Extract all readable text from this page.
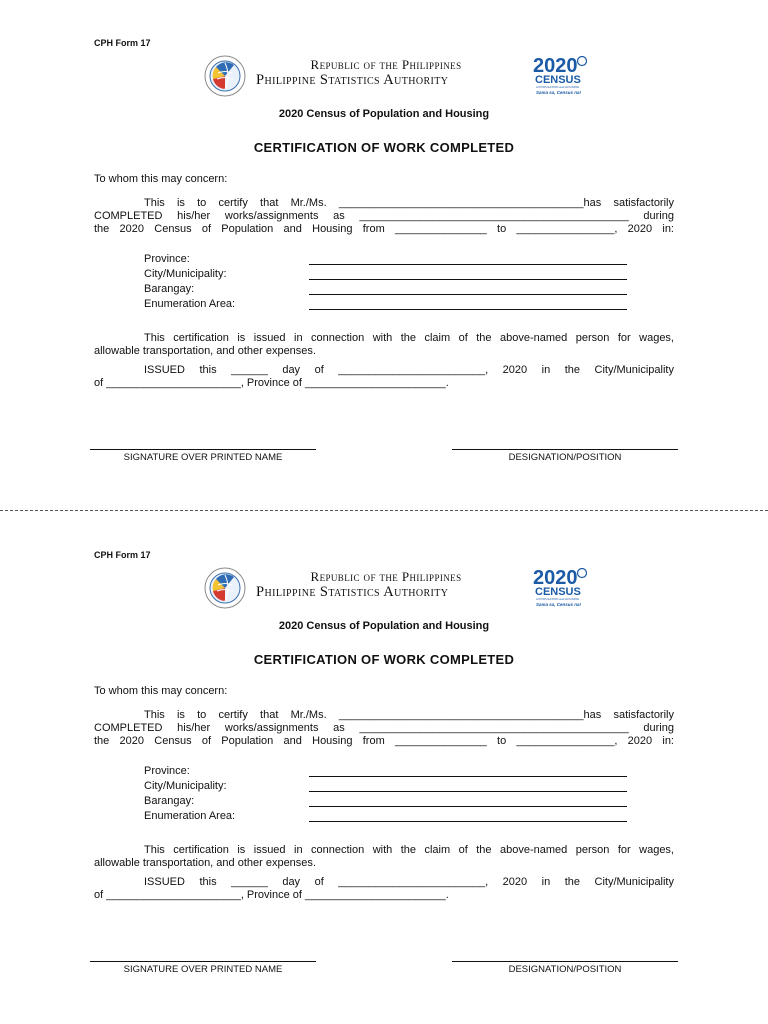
CPH Form 17
Republic of the Philippines
Philippine Statistics Authority
2020
CENSUS
of POPULATION and HOUSING
Sama sa, Census na!
2020 Census of Population and Housing
CERTIFICATION OF WORK COMPLETED
To whom this may concern:
This is to certify that Mr./Ms. ________________________________________has satisfactorily
COMPLETED his/her works/assignments as ____________________________________________ during
the 2020 Census of Population and Housing from _______________ to ________________, 2020 in:
Province:
City/Municipality:
Barangay:
Enumeration Area:
This certification is issued in connection with the claim of the above-named person for wages,
allowable transportation, and other expenses.
ISSUED this ______ day of ________________________, 2020 in the City/Municipality
of ______________________, Province of _______________________.
SIGNATURE OVER PRINTED NAME	DESIGNATION/POSITION
CPH Form 17
Republic of the Philippines
Philippine Statistics Authority
2020
CENSUS
of POPULATION and HOUSING
Sama sa, Census na!
2020 Census of Population and Housing
CERTIFICATION OF WORK COMPLETED
To whom this may concern:
This is to certify that Mr./Ms. ________________________________________has satisfactorily
COMPLETED his/her works/assignments as ____________________________________________ during
the 2020 Census of Population and Housing from _______________ to ________________, 2020 in:
Province:
City/Municipality:
Barangay:
Enumeration Area:
This certification is issued in connection with the claim of the above-named person for wages,
allowable transportation, and other expenses.
ISSUED this ______ day of ________________________, 2020 in the City/Municipality
of ______________________, Province of _______________________.
SIGNATURE OVER PRINTED NAME	DESIGNATION/POSITION
